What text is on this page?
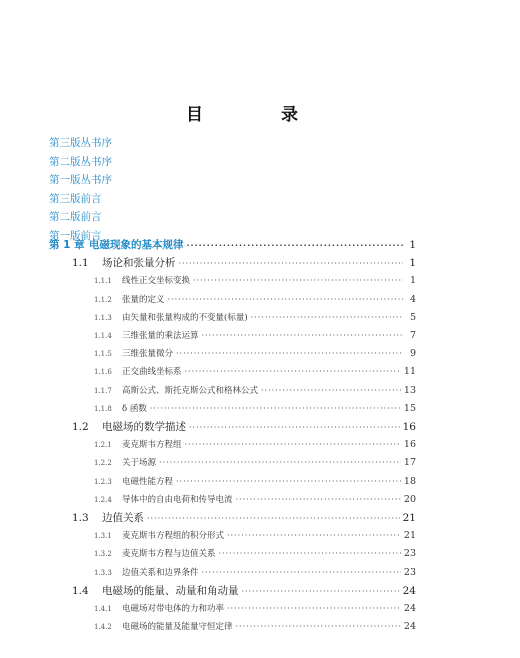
目 录
第三版丛书序
第二版丛书序
第一版丛书序
第三版前言
第二版前言
第一版前言
第 1 章 电磁现象的基本规律 ·····	1
1.1	场论和张量分析 ·····	1
1.1.1	线性正交坐标变换 ·····	1
1.1.2	张量的定义 ·····	4
1.1.3	由矢量和张量构成的不变量(标量) ·····	5
1.1.4	三维张量的乘法运算 ·····	7
1.1.5	三维张量微分 ·····	9
1.1.6	正交曲线坐标系 ·····	11
1.1.7	高斯公式、斯托克斯公式和格林公式 ·····	13
1.1.8	δ 函数 ·····	15
1.2	电磁场的数学描述 ·····	16
1.2.1	麦克斯韦方程组 ·····	16
1.2.2	关于场源 ·····	17
1.2.3	电磁性能方程 ·····	18
1.2.4	导体中的自由电荷和传导电流 ·····	20
1.3	边值关系 ·····	21
1.3.1	麦克斯韦方程组的积分形式 ·····	21
1.3.2	麦克斯韦方程与边值关系 ·····	23
1.3.3	边值关系和边界条件 ·····	23
1.4	电磁场的能量、动量和角动量 ·····	24
1.4.1	电磁场对带电体的力和功率 ·····	24
1.4.2	电磁场的能量及能量守恒定律 ·····	24
